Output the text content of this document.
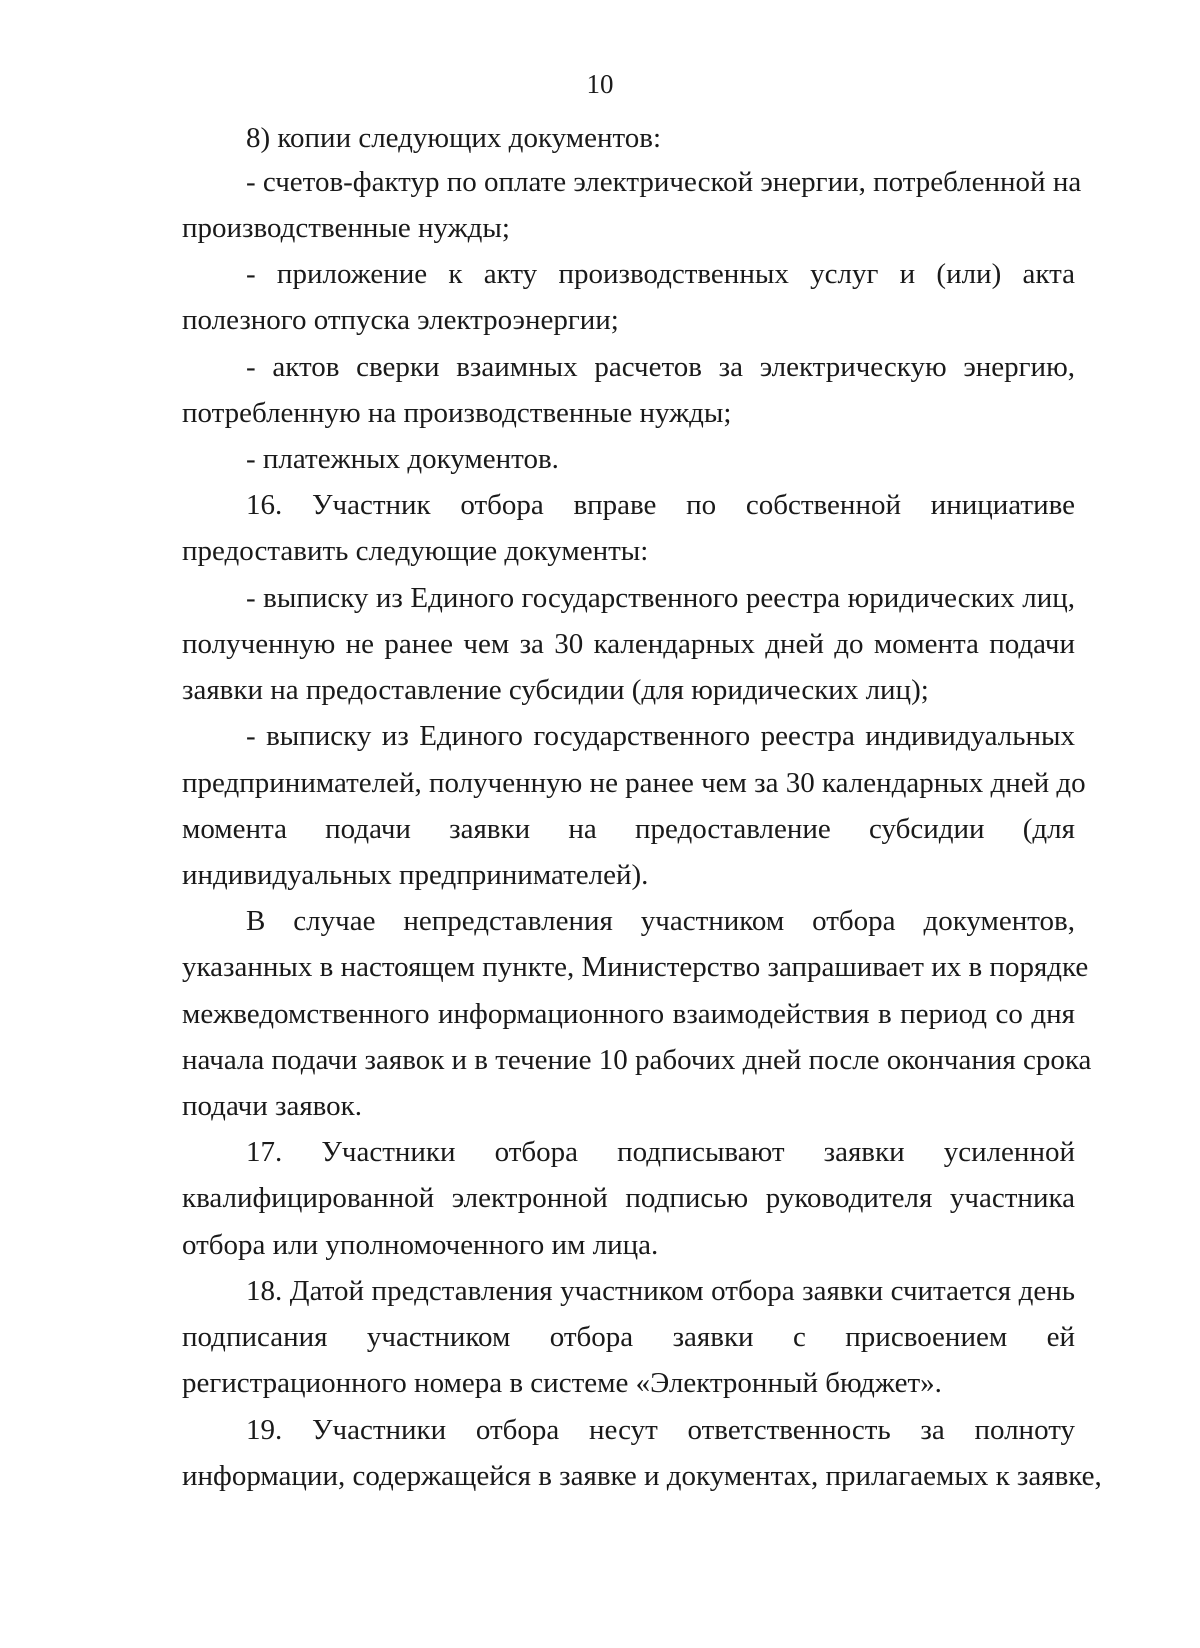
10
8) копии следующих документов:
- счетов-фактур по оплате электрической энергии, потребленной на
производственные нужды;
- приложение к акту производственных услуг и (или) акта
полезного отпуска электроэнергии;
- актов сверки взаимных расчетов за электрическую энергию,
потребленную на производственные нужды;
- платежных документов.
16. Участник отбора вправе по собственной инициативе
предоставить следующие документы:
- выписку из Единого государственного реестра юридических лиц,
полученную не ранее чем за 30 календарных дней до момента подачи
заявки на предоставление субсидии (для юридических лиц);
- выписку из Единого государственного реестра индивидуальных
предпринимателей, полученную не ранее чем за 30 календарных дней до
момента подачи заявки на предоставление субсидии (для
индивидуальных предпринимателей).
В случае непредставления участником отбора документов,
указанных в настоящем пункте, Министерство запрашивает их в порядке
межведомственного информационного взаимодействия в период со дня
начала подачи заявок и в течение 10 рабочих дней после окончания срока
подачи заявок.
17. Участники отбора подписывают заявки усиленной
квалифицированной электронной подписью руководителя участника
отбора или уполномоченного им лица.
18. Датой представления участником отбора заявки считается день
подписания участником отбора заявки с присвоением ей
регистрационного номера в системе «Электронный бюджет».
19. Участники отбора несут ответственность за полноту
информации, содержащейся в заявке и документах, прилагаемых к заявке,
